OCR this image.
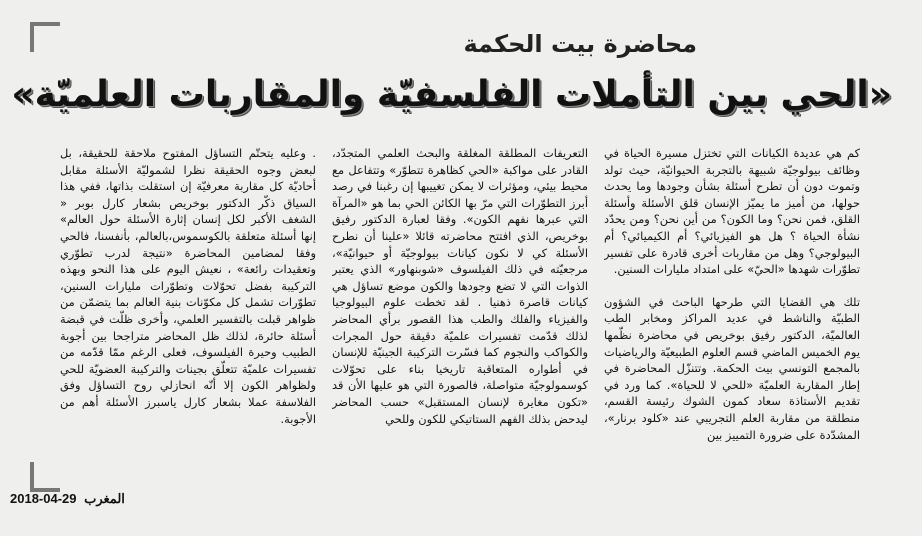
محاضرة بيت الحكمة
«الحي بين التأملات الفلسفيّة والمقاربات العلميّة»

كم هي عديدة الكيانات التي تختزل مسيرة الحياة في وظائف بيولوجيّة شبيهة بالتجربة الحيوانيّة، حيث تولد وتموت دون أن تطرح أسئلة بشأن وجودها وما يحدث حولها، من أميز ما يميّز الإنسان قلق الأسئلة وأسئلة القلق، فمن نحن؟ وما الكون؟ من أين نحن؟ ومن يحدّد نشأة الحياة ؟ هل هو الفيزيائي؟ أم الكيميائي؟ أم البيولوجي؟ وهل من مقاربات أخرى قادرة على تفسير تطوّرات شهدها «الحيّ» على امتداد مليارات السنين.

تلك هي القضايا التي طرحها الباحث في الشؤون الطبيّة والناشط في عديد المراكز ومخابر الطب العالميّة، الدكتور رفيق بوخريص في محاضرة نظّمها يوم الخميس الماضي قسم العلوم الطبيعيّة والرياضيات بالمجمع التونسي بيت الحكمة. وتتنزّل المحاضرة في إطار المقاربة العلميّة «للحي لا للحياة». كما ورد في تقديم الأستاذة سعاد كمون الشوك رئيسة القسم، منطلقة من مقاربة العلم التجريبي عند «كلود برنار»، المشدّدة على ضرورة التمييز بين

التعريفات المطلقة المغلقة والبحث العلمي المتجدّد، القادر على مواكبة «الحي كظاهرة تتطوّر» وتتفاعل مع محيط بيئي، ومؤثرات لا يمكن تغييبها إن رغبنا في رصد أبرز التطوّرات التي مرّ بها الكائن الحي بما هو «المرآة التي عبرها نفهم الكون». وفقا لعبارة الدكتور رفيق بوخريص، الذي افتتح محاضرته قائلا «علينا أن نطرح الأسئلة كي لا نكون كيانات بيولوجيّة أو حيوانيّة»، مرجعيّته في ذلك الفيلسوف «شوبنهاور» الذي يعتبر الذوات التي لا تضع وجودها والكون موضع تساؤل هي كيانات قاصرة ذهنيا . لقد تخطت علوم البيولوجيا والفيزياء والفلك والطب هذا القصور برأي المحاضر لذلك قدّمت تفسيرات علميّة دقيقة حول المجرات والكواكب والنجوم كما فسّرت التركيبة الجينيّة للإنسان في أطواره المتعاقبة تاريخيا بناء على تحوّلات كوسمولوجيّة متواصلة، فالصورة التي هو عليها الأن قد «تكون مغايرة لإنسان المستقبل» حسب المحاضر ليدحض بذلك الفهم الستاتيكي للكون وللحي

. وعليه يتحتّم التساؤل المفتوح ملاحقة للحقيقة، بل لبعض وجوه الحقيقة نظرا لشموليّة الأسئلة مقابل أحاديّة كل مقاربة معرفيّة إن استقلت بذاتها، ففي هذا السياق ذكّر الدكتور بوخريص بشعار كارل بوبر « الشغف الأكبر لكل إنسان إثارة الأسئلة حول العالم» إنها أسئلة متعلقة بالكوسموس،بالعالم، بأنفسنا، فالحي وفقا لمضامين المحاضرة «نتيجة لدرب تطوّري وتعقيدات رائعة» ، نعيش اليوم على هذا النحو وبهذه التركيبة بفضل تحوّلات وتطوّرات مليارات السنين، تطوّرات تشمل كل مكوّنات بنية العالم بما يتضمّن من ظواهر قبلت بالتفسير العلمي، وأخرى ظلّت في قبضة أسئلة حائرة، لذلك ظل المحاضر متراجحا بين أجوبة الطبيب وحيرة الفيلسوف، فعلى الرغم ممّا قدّمه من تفسيرات علميّة تتعلّق بجينات والتركيبة العضويّة للحي ولظواهر الكون إلا أنّه انحازلي روح التساؤل وفق الفلاسفة عملا بشعار كارل ياسبرز الأسئلة أهم من الأجوبة.

2018-04-29 المغرب
